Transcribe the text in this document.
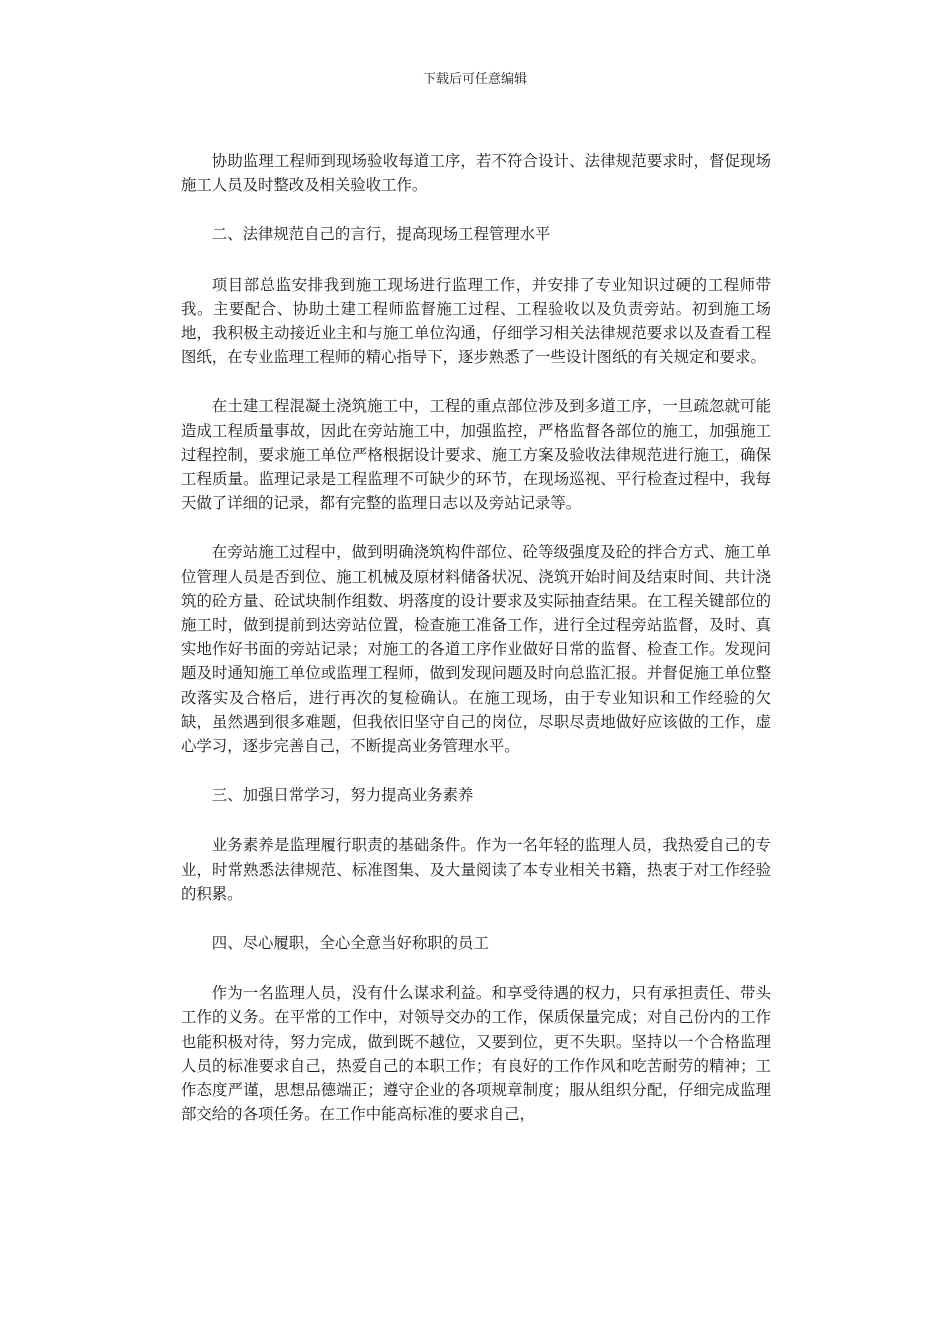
下载后可任意编辑

协助监理工程师到现场验收每道工序，若不符合设计、法律规范要求时，督促现场施工人员及时整改及相关验收工作。

二、法律规范自己的言行，提高现场工程管理水平

项目部总监安排我到施工现场进行监理工作，并安排了专业知识过硬的工程师带我。主要配合、协助土建工程师监督施工过程、工程验收以及负责旁站。初到施工场地，我积极主动接近业主和与施工单位沟通，仔细学习相关法律规范要求以及查看工程图纸，在专业监理工程师的精心指导下，逐步熟悉了一些设计图纸的有关规定和要求。

在土建工程混凝土浇筑施工中，工程的重点部位涉及到多道工序，一旦疏忽就可能造成工程质量事故，因此在旁站施工中，加强监控，严格监督各部位的施工，加强施工过程控制，要求施工单位严格根据设计要求、施工方案及验收法律规范进行施工，确保工程质量。监理记录是工程监理不可缺少的环节，在现场巡视、平行检查过程中，我每天做了详细的记录，都有完整的监理日志以及旁站记录等。

在旁站施工过程中，做到明确浇筑构件部位、砼等级强度及砼的拌合方式、施工单位管理人员是否到位、施工机械及原材料储备状况、浇筑开始时间及结束时间、共计浇筑的砼方量、砼试块制作组数、坍落度的设计要求及实际抽查结果。在工程关键部位的施工时，做到提前到达旁站位置，检查施工准备工作，进行全过程旁站监督，及时、真实地作好书面的旁站记录；对施工的各道工序作业做好日常的监督、检查工作。发现问题及时通知施工单位或监理工程师，做到发现问题及时向总监汇报。并督促施工单位整改落实及合格后，进行再次的复检确认。在施工现场，由于专业知识和工作经验的欠缺，虽然遇到很多难题，但我依旧坚守自己的岗位，尽职尽责地做好应该做的工作，虚心学习，逐步完善自己，不断提高业务管理水平。

三、加强日常学习，努力提高业务素养

业务素养是监理履行职责的基础条件。作为一名年轻的监理人员，我热爱自己的专业，时常熟悉法律规范、标准图集、及大量阅读了本专业相关书籍，热衷于对工作经验的积累。

四、尽心履职，全心全意当好称职的员工

作为一名监理人员，没有什么谋求利益。和享受待遇的权力，只有承担责任、带头工作的义务。在平常的工作中，对领导交办的工作，保质保量完成；对自己份内的工作也能积极对待，努力完成，做到既不越位，又要到位，更不失职。坚持以一个合格监理人员的标准要求自己，热爱自己的本职工作；有良好的工作作风和吃苦耐劳的精神；工作态度严谨，思想品德端正；遵守企业的各项规章制度；服从组织分配，仔细完成监理部交给的各项任务。在工作中能高标准的要求自己，
